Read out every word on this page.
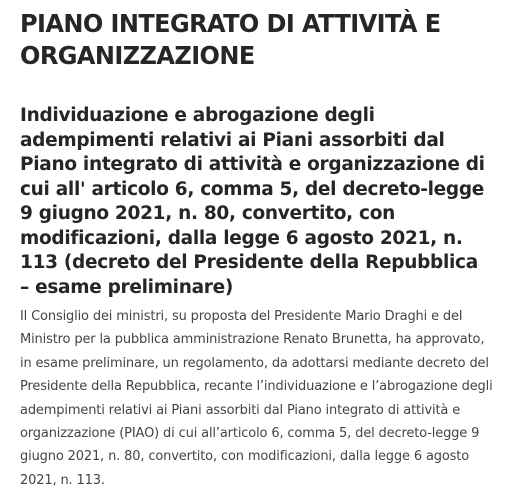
PIANO INTEGRATO DI ATTIVITÀ E ORGANIZZAZIONE
Individuazione e abrogazione degli adempimenti relativi ai Piani assorbiti dal Piano integrato di attività e organizzazione di cui all' articolo 6, comma 5, del decreto-legge 9 giugno 2021, n. 80, convertito, con modificazioni, dalla legge 6 agosto 2021, n. 113 (decreto del Presidente della Repubblica – esame preliminare)

Il Consiglio dei ministri, su proposta del Presidente Mario Draghi e del Ministro per la pubblica amministrazione Renato Brunetta, ha approvato, in esame preliminare, un regolamento, da adottarsi mediante decreto del Presidente della Repubblica, recante l’individuazione e l’abrogazione degli adempimenti relativi ai Piani assorbiti dal Piano integrato di attività e organizzazione (PIAO) di cui all’articolo 6, comma 5, del decreto-legge 9 giugno 2021, n. 80, convertito, con modificazioni, dalla legge 6 agosto 2021, n. 113.
